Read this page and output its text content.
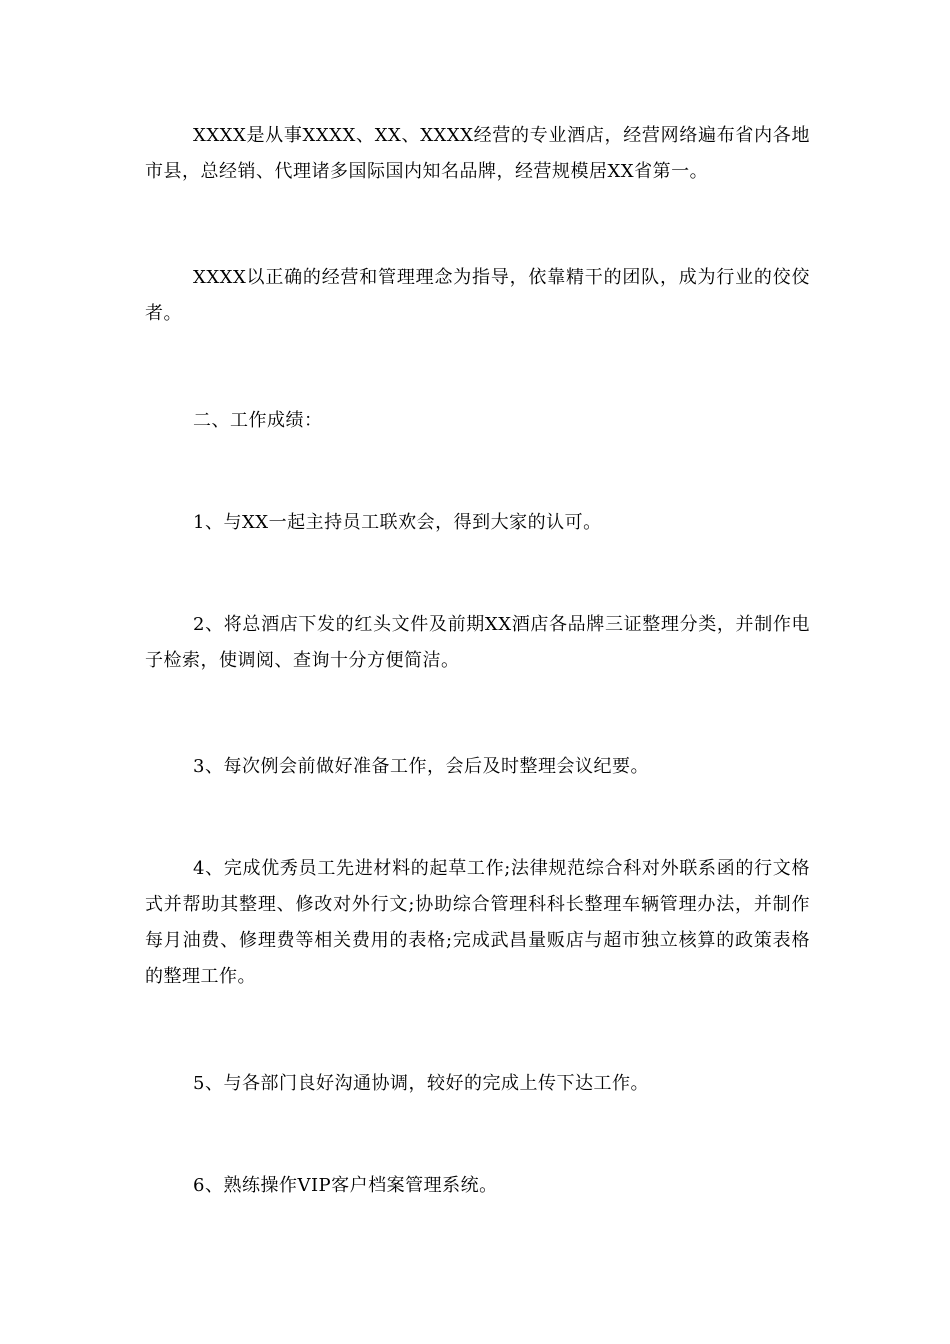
XXXX是从事XXXX、XX、XXXX经营的专业酒店，经营网络遍布省内各地市县，总经销、代理诸多国际国内知名品牌，经营规模居XX省第一。

XXXX以正确的经营和管理理念为指导，依靠精干的团队，成为行业的佼佼者。

二、工作成绩：

1、与XX一起主持员工联欢会，得到大家的认可。

2、将总酒店下发的红头文件及前期XX酒店各品牌三证整理分类，并制作电子检索，使调阅、查询十分方便简洁。

3、每次例会前做好准备工作，会后及时整理会议纪要。

4、完成优秀员工先进材料的起草工作;法律规范综合科对外联系函的行文格式并帮助其整理、修改对外行文;协助综合管理科科长整理车辆管理办法，并制作每月油费、修理费等相关费用的表格;完成武昌量贩店与超市独立核算的政策表格的整理工作。

5、与各部门良好沟通协调，较好的完成上传下达工作。

6、熟练操作VIP客户档案管理系统。
